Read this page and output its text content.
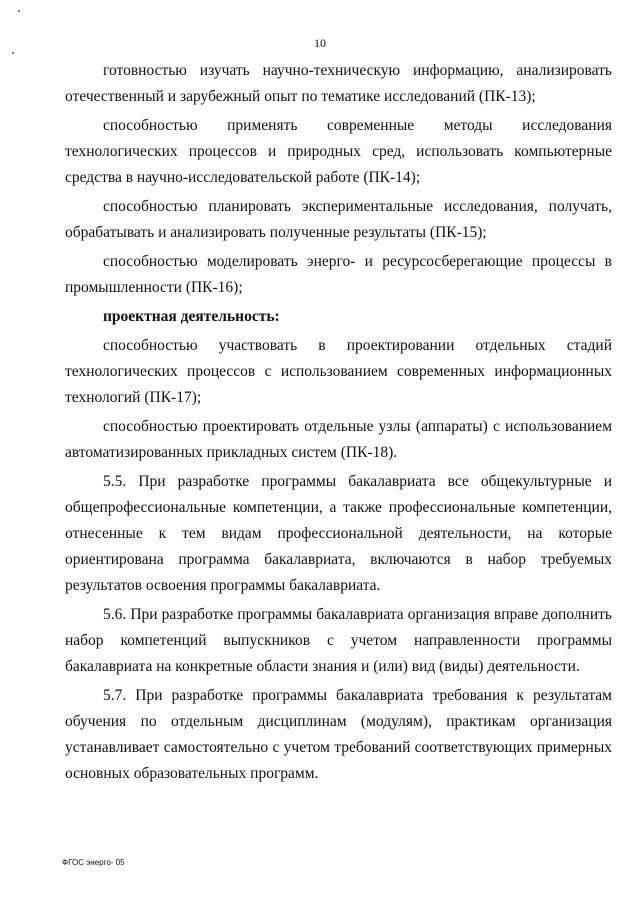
10

готовностью изучать научно-техническую информацию, анализировать отечественный и зарубежный опыт по тематике исследований (ПК-13);

способностью применять современные методы исследования технологических процессов и природных сред, использовать компьютерные средства в научно-исследовательской работе (ПК-14);

способностью планировать экспериментальные исследования, получать, обрабатывать и анализировать полученные результаты (ПК-15);

способностью моделировать энерго- и ресурсосберегающие процессы в промышленности (ПК-16);

проектная деятельность:

способностью участвовать в проектировании отдельных стадий технологических процессов с использованием современных информационных технологий (ПК-17);

способностью проектировать отдельные узлы (аппараты) с использованием автоматизированных прикладных систем (ПК-18).

5.5. При разработке программы бакалавриата все общекультурные и общепрофессиональные компетенции, а также профессиональные компетенции, отнесенные к тем видам профессиональной деятельности, на которые ориентирована программа бакалавриата, включаются в набор требуемых результатов освоения программы бакалавриата.

5.6. При разработке программы бакалавриата организация вправе дополнить набор компетенций выпускников с учетом направленности программы бакалавриата на конкретные области знания и (или) вид (виды) деятельности.

5.7. При разработке программы бакалавриата требования к результатам обучения по отдельным дисциплинам (модулям), практикам организация устанавливает самостоятельно с учетом требований соответствующих примерных основных образовательных программ.

ФГОС энерго- 05
